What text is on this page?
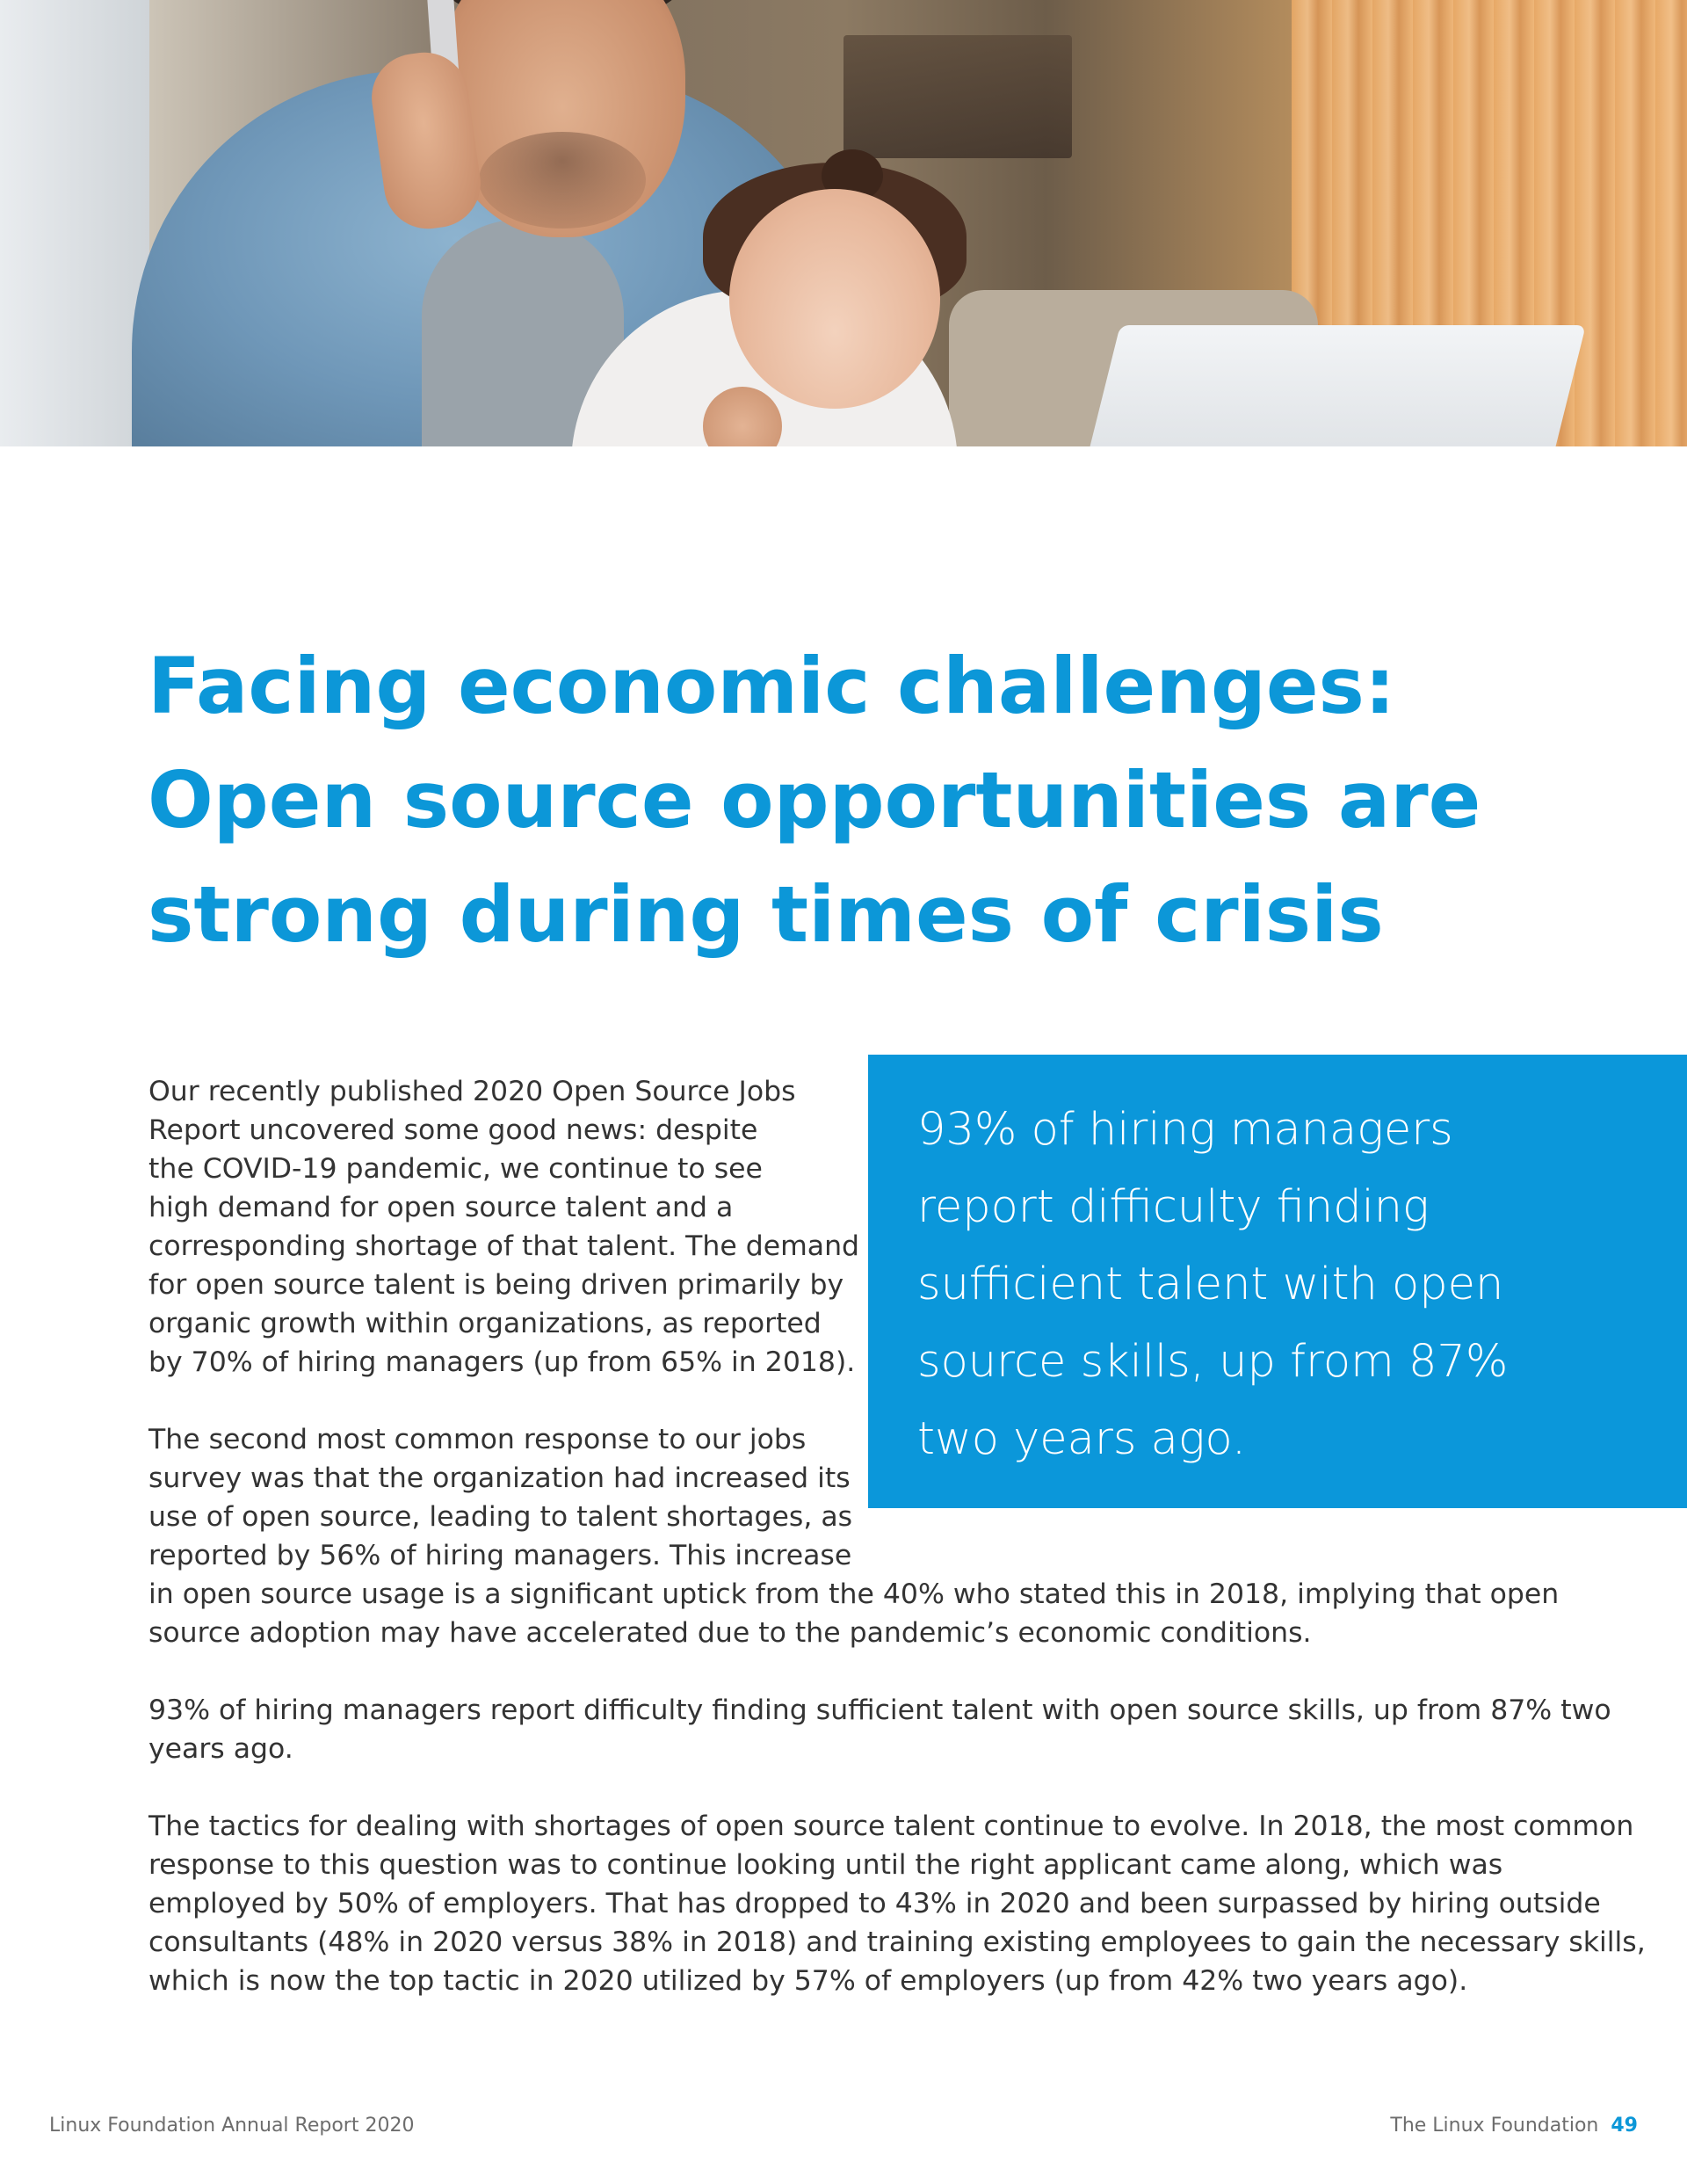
Facing economic challenges:
Open source opportunities are
strong during times of crisis
93% of hiring managers
report difficulty finding
sufficient talent with open
source skills, up from 87%
two years ago.
Our recently published 2020 Open Source Jobs
Report uncovered some good news: despite
the COVID-19 pandemic, we continue to see
high demand for open source talent and a
corresponding shortage of that talent. The demand
for open source talent is being driven primarily by
organic growth within organizations, as reported
by 70% of hiring managers (up from 65% in 2018).
The second most common response to our jobs
survey was that the organization had increased its
use of open source, leading to talent shortages, as
reported by 56% of hiring managers. This increase
in open source usage is a significant uptick from the 40% who stated this in 2018, implying that open
source adoption may have accelerated due to the pandemic’s economic conditions.
93% of hiring managers report difficulty finding sufficient talent with open source skills, up from 87% two
years ago.
The tactics for dealing with shortages of open source talent continue to evolve. In 2018, the most common
response to this question was to continue looking until the right applicant came along, which was
employed by 50% of employers. That has dropped to 43% in 2020 and been surpassed by hiring outside
consultants (48% in 2020 versus 38% in 2018) and training existing employees to gain the necessary skills,
which is now the top tactic in 2020 utilized by 57% of employers (up from 42% two years ago).
Linux Foundation Annual Report 2020	The Linux Foundation 49
